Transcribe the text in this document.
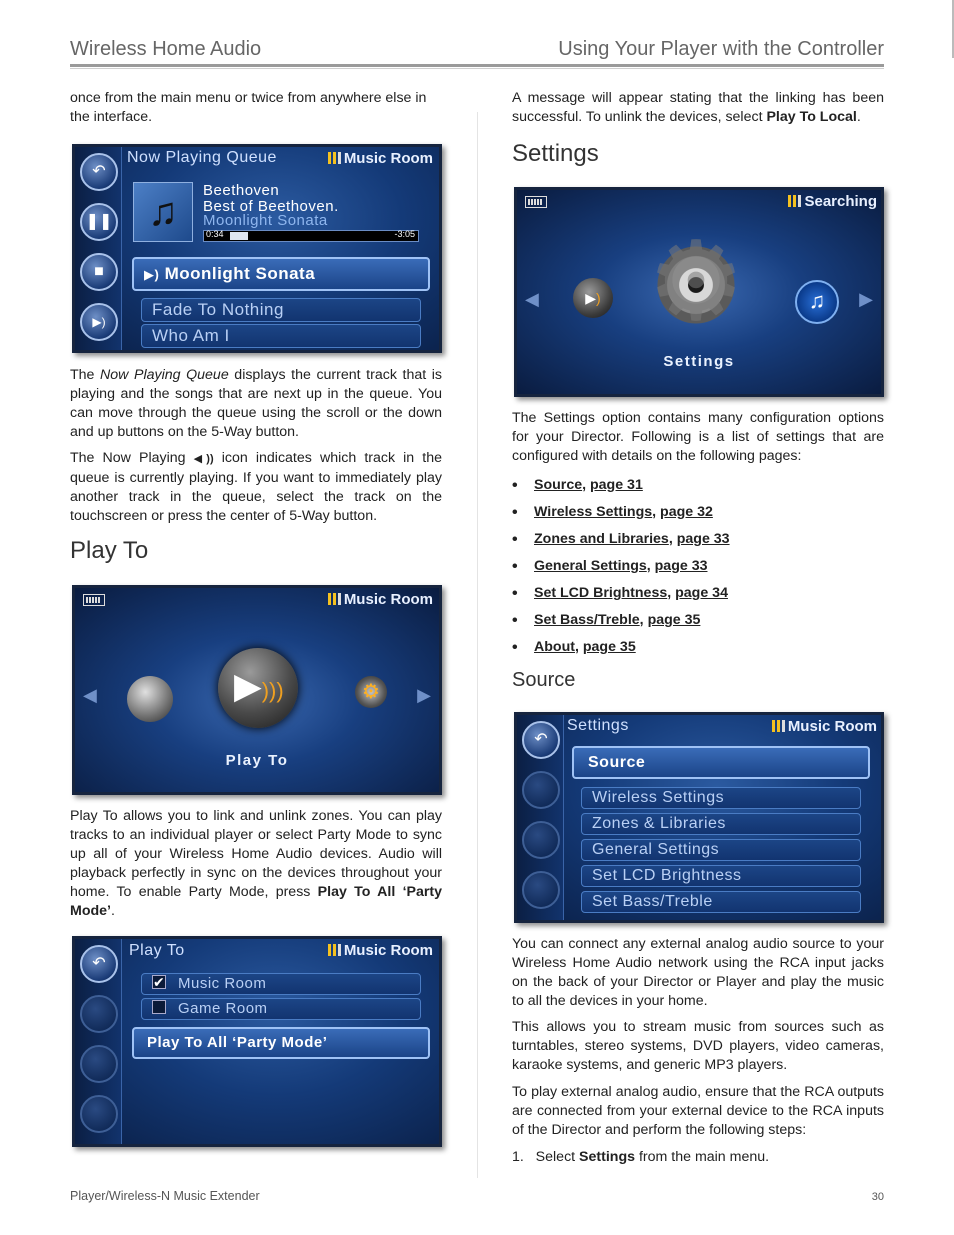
Wireless Home Audio	Using Your Player with the Controller

once from the main menu or twice from anywhere else in the interface.

↶
❚❚
■
▶)
Now Playing Queue	Music Room
♫	Beethoven
Best of Beethoven.
Moonlight Sonata
0:34	-3:05
▶) Moonlight Sonata
Fade To Nothing
Who Am I

The Now Playing Queue displays the current track that is playing and the songs that are next up in the queue. You can move through the queue using the scroll or the down and up buttons on the 5-Way button.

The Now Playing ◀)) icon indicates which track in the queue is currently playing. If you want to immediately play another track in the queue, select the track on the touchscreen or press the center of 5-Way button.

Play To
Music Room
◀	▶
▶)))	⚙
Play To

Play To allows you to link and unlink zones. You can play tracks to an individual player or select Party Mode to sync up all of your Wireless Home Audio devices. Audio will playback perfectly in sync on the devices throughout your home. To enable Party Mode, press Play To All ‘Party Mode’.

↶
Play To	Music Room
✔Music Room
Game Room
Play To All ‘Party Mode’

A message will appear stating that the linking has been successful. To unlink the devices, select Play To Local.

Settings
Searching
◀	▶
▶) ⚙	♫
Settings

The Settings option contains many configuration options for your Director. Following is a list of settings that are configured with details on the following pages:

• Source, page 31
• Wireless Settings, page 32
• Zones and Libraries, page 33
• General Settings, page 33
• Set LCD Brightness, page 34
• Set Bass/Treble, page 35
• About, page 35
Source
↶
Settings	Music Room
Source
Wireless Settings
Zones & Libraries
General Settings
Set LCD Brightness
Set Bass/Treble

You can connect any external analog audio source to your Wireless Home Audio network using the RCA input jacks on the back of your Director or Player and play the music to all the devices in your home.

This allows you to stream music from sources such as turntables, stereo systems, DVD players, video cameras, karaoke systems, and generic MP3 players.

To play external analog audio, ensure that the RCA outputs are connected from your external device to the RCA inputs of the Director and perform the following steps:

1. Select Settings from the main menu.

Player/Wireless-N Music Extender	30
